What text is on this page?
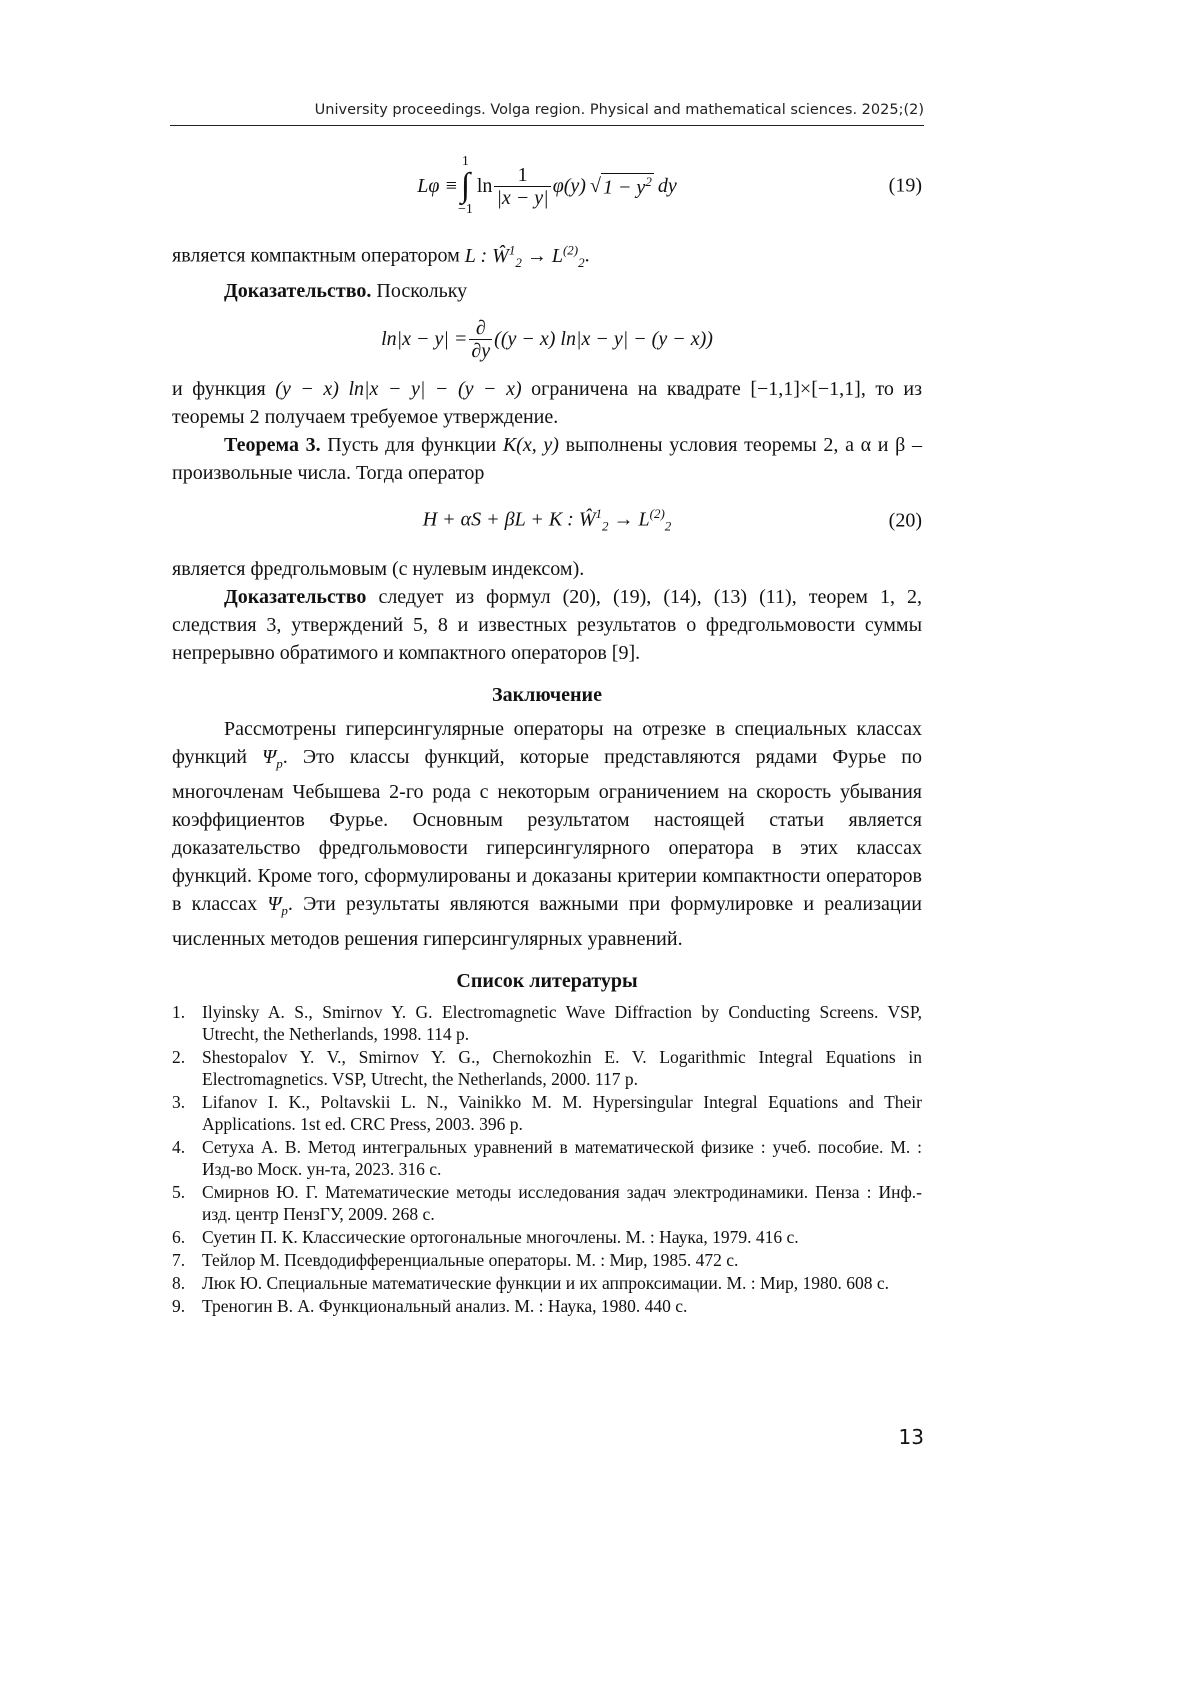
University proceedings. Volga region. Physical and mathematical sciences. 2025;(2)
Lφ ≡
1
∫
−1
$\ln \frac{1}{|x - y|} \varphi(y)$ √ $1 - y^2$ dy	(19)

является компактным оператором L : $Ŵ^1_2 \to L^{(2)}_2$.

Доказательство. Поскольку

$\ln|x - y| = \frac{\partial}{\partial y} ((y - x) \ln|x - y| - (y - x))$

и функция (y − x) ln|x − y| − (y − x) ограничена на квадрате [−1,1]×[−1,1], то из теоремы 2 получаем требуемое утверждение.

Теорема 3. Пусть для функции K(x, y) выполнены условия теоремы 2, а α и β – произвольные числа. Тогда оператор

H + αS + βL + K : $Ŵ^1_2 \to L^{(2)}_2$	(20)

является фредгольмовым (с нулевым индексом).

Доказательство следует из формул (20), (19), (14), (13) (11), теорем 1, 2, следствия 3, утверждений 5, 8 и известных результатов о фредгольмовости суммы непрерывно обратимого и компактного операторов [9].

Заключение

Рассмотрены гиперсингулярные операторы на отрезке в специальных классах функций $\Psi_p$. Это классы функций, которые представляются рядами Фурье по многочленам Чебышева 2-го рода с некоторым ограничением на скорость убывания коэффициентов Фурье. Основным результатом настоящей статьи является доказательство фредгольмовости гиперсингулярного оператора в этих классах функций. Кроме того, сформулированы и доказаны критерии компактности операторов в классах $\Psi_p$. Эти результаты являются важными при формулировке и реализации численных методов решения гиперсингулярных уравнений.

Список литературы
1. Ilyinsky A. S., Smirnov Y. G. Electromagnetic Wave Diffraction by Conducting Screens. VSP, Utrecht, the Netherlands, 1998. 114 p.
2. Shestopalov Y. V., Smirnov Y. G., Chernokozhin E. V. Logarithmic Integral Equations in Electromagnetics. VSP, Utrecht, the Netherlands, 2000. 117 p.
3. Lifanov I. K., Poltavskii L. N., Vainikko M. M. Hypersingular Integral Equations and Their Applications. 1st ed. CRC Press, 2003. 396 p.
4. Сетуха А. В. Метод интегральных уравнений в математической физике : учеб. пособие. М. : Изд-во Моск. ун-та, 2023. 316 с.
5. Смирнов Ю. Г. Математические методы исследования задач электродинамики. Пенза : Инф.-изд. центр ПензГУ, 2009. 268 с.
6. Суетин П. К. Классические ортогональные многочлены. М. : Наука, 1979. 416 с.
7. Тейлор М. Псевдодифференциальные операторы. М. : Мир, 1985. 472 с.
8. Люк Ю. Специальные математические функции и их аппроксимации. М. : Мир, 1980. 608 с.
9. Треногин В. А. Функциональный анализ. М. : Наука, 1980. 440 с.
13
